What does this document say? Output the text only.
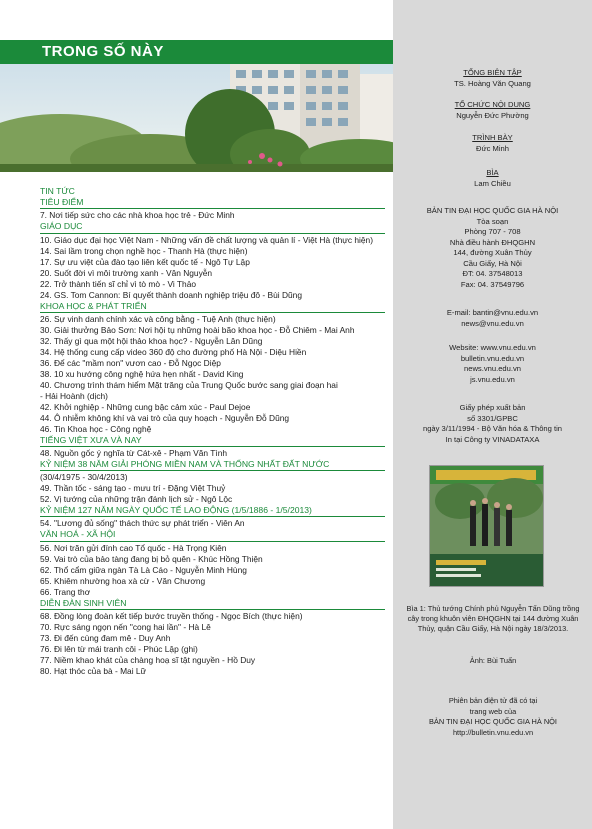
TRONG SỐ NÀY
TIN TỨC
TIÊU ĐIỂM
7. Nơi tiếp sức cho các nhà khoa học trẻ - Đức Minh
GIÁO DỤC
10. Giáo dục đại học Việt Nam - Những vấn đề chất lượng và quản lí - Việt Hà (thực hiện)
14. Sai lầm trong chọn nghề học - Thanh Hà (thực hiện)
17. Sự ưu việt của đào tạo liên kết quốc tế - Ngô Tự Lập
20. Suốt đời vì môi trường xanh - Vân Nguyễn
22. Trở thành tiến sĩ chỉ vì tò mò - Vi Thảo
24. GS. Tom Cannon: Bí quyết thành doanh nghiệp triệu đô - Bùi Dũng
KHOA HỌC & PHÁT TRIỂN
26. Sự vinh danh chính xác và công bằng - Tuệ Anh (thực hiện)
30. Giải thưởng Bảo Sơn: Nơi hội tụ những hoài bão khoa học - Đỗ Chiêm - Mai Anh
32. Thấy gì qua một hội thảo khoa học? - Nguyễn Lân Dũng
34. Hệ thống cung cấp video 360 độ cho đường phố Hà Nội - Diệu Hiền
36. Để các "mầm non" vươn cao - Đỗ Ngọc Diệp
38. 10 xu hướng công nghệ hứa hẹn nhất - David King
40. Chương trình thám hiểm Mặt trăng của Trung Quốc bước sang giai đoạn hai
- Hải Hoành (dịch)
42. Khởi nghiệp - Những cung bậc cảm xúc - Paul Dejoe
44. Ô nhiễm không khí và vai trò của quy hoạch - Nguyễn Đỗ Dũng
46. Tin Khoa học - Công nghệ
TIẾNG VIỆT XƯA VÀ NAY
48. Nguồn gốc ý nghĩa từ Cát-xê - Phạm Văn Tình
KỶ NIỆM 38 NĂM GIẢI PHÓNG MIỀN NAM VÀ THỐNG NHẤT ĐẤT NƯỚC
(30/4/1975 - 30/4/2013)
49. Thần tốc - sáng tạo - mưu trí - Đặng Việt Thuỷ
52. Vị tướng của những trận đánh lịch sử - Ngô Lộc
KỶ NIỆM 127 NĂM NGÀY QUỐC TẾ LAO ĐỘNG (1/5/1886 - 1/5/2013)
54. "Lương đủ sống" thách thức sự phát triển - Viên An
VĂN HOÁ - XÃ HỘI
56. Nơi trăn gửi đính cao Tổ quốc - Hà Trọng Kiên
59. Vai trò của bảo tàng đang bị bỏ quên - Khúc Hồng Thiện
62. Thổ cẩm giữa ngàn Tà Là Cáo - Nguyễn Minh Hùng
65. Khiêm nhường hoa xà cừ - Văn Chương
66. Trang thơ
DIỄN ĐÀN SINH VIÊN
68. Đồng lòng đoàn kết tiếp bước truyền thống - Ngọc Bích (thực hiện)
70. Rực sáng ngọn nến "cong hai lần" - Hà Lê
73. Đi đến cùng đam mê - Duy Anh
76. Đi lên từ mái tranh côi - Phúc Lập (ghi)
77. Niềm khao khát của chàng hoạ sĩ tật nguyền - Hồ Duy
80. Hạt thóc của bà - Mai Lữ
TỔNG BIÊN TẬP
TS. Hoàng Văn Quang
TỔ CHỨC NỘI DUNG
Nguyễn Đức Phường
TRÌNH BÀY
Đức Minh
BÌA
Lam Chiều
BẢN TIN ĐẠI HỌC QUỐC GIA HÀ NỘI
Tòa soạn
Phòng 707 - 708
Nhà điều hành ĐHQGHN
144, đường Xuân Thủy
Cầu Giấy, Hà Nội
ĐT: 04. 37548013
Fax: 04. 37549796
E-mail: bantin@vnu.edu.vn
news@vnu.edu.vn
Website: www.vnu.edu.vn
bulletin.vnu.edu.vn
news.vnu.edu.vn
js.vnu.edu.vn
Giấy phép xuất bản
số 3301/GPBC
ngày 3/11/1994 - Bộ Văn hóa & Thông tin
In tại Công ty VINADATAXA
Bìa 1: Thủ tướng Chính phủ Nguyễn Tấn Dũng trồng cây trong khuôn viên ĐHQGHN tại 144 đường Xuân Thủy, quận Cầu Giấy, Hà Nội ngày 18/3/2013.
Ảnh: Bùi Tuấn
Phiên bản điện tử đã có tại
trang web của
BẢN TIN ĐẠI HỌC QUỐC GIA HÀ NỘI
http://bulletin.vnu.edu.vn
